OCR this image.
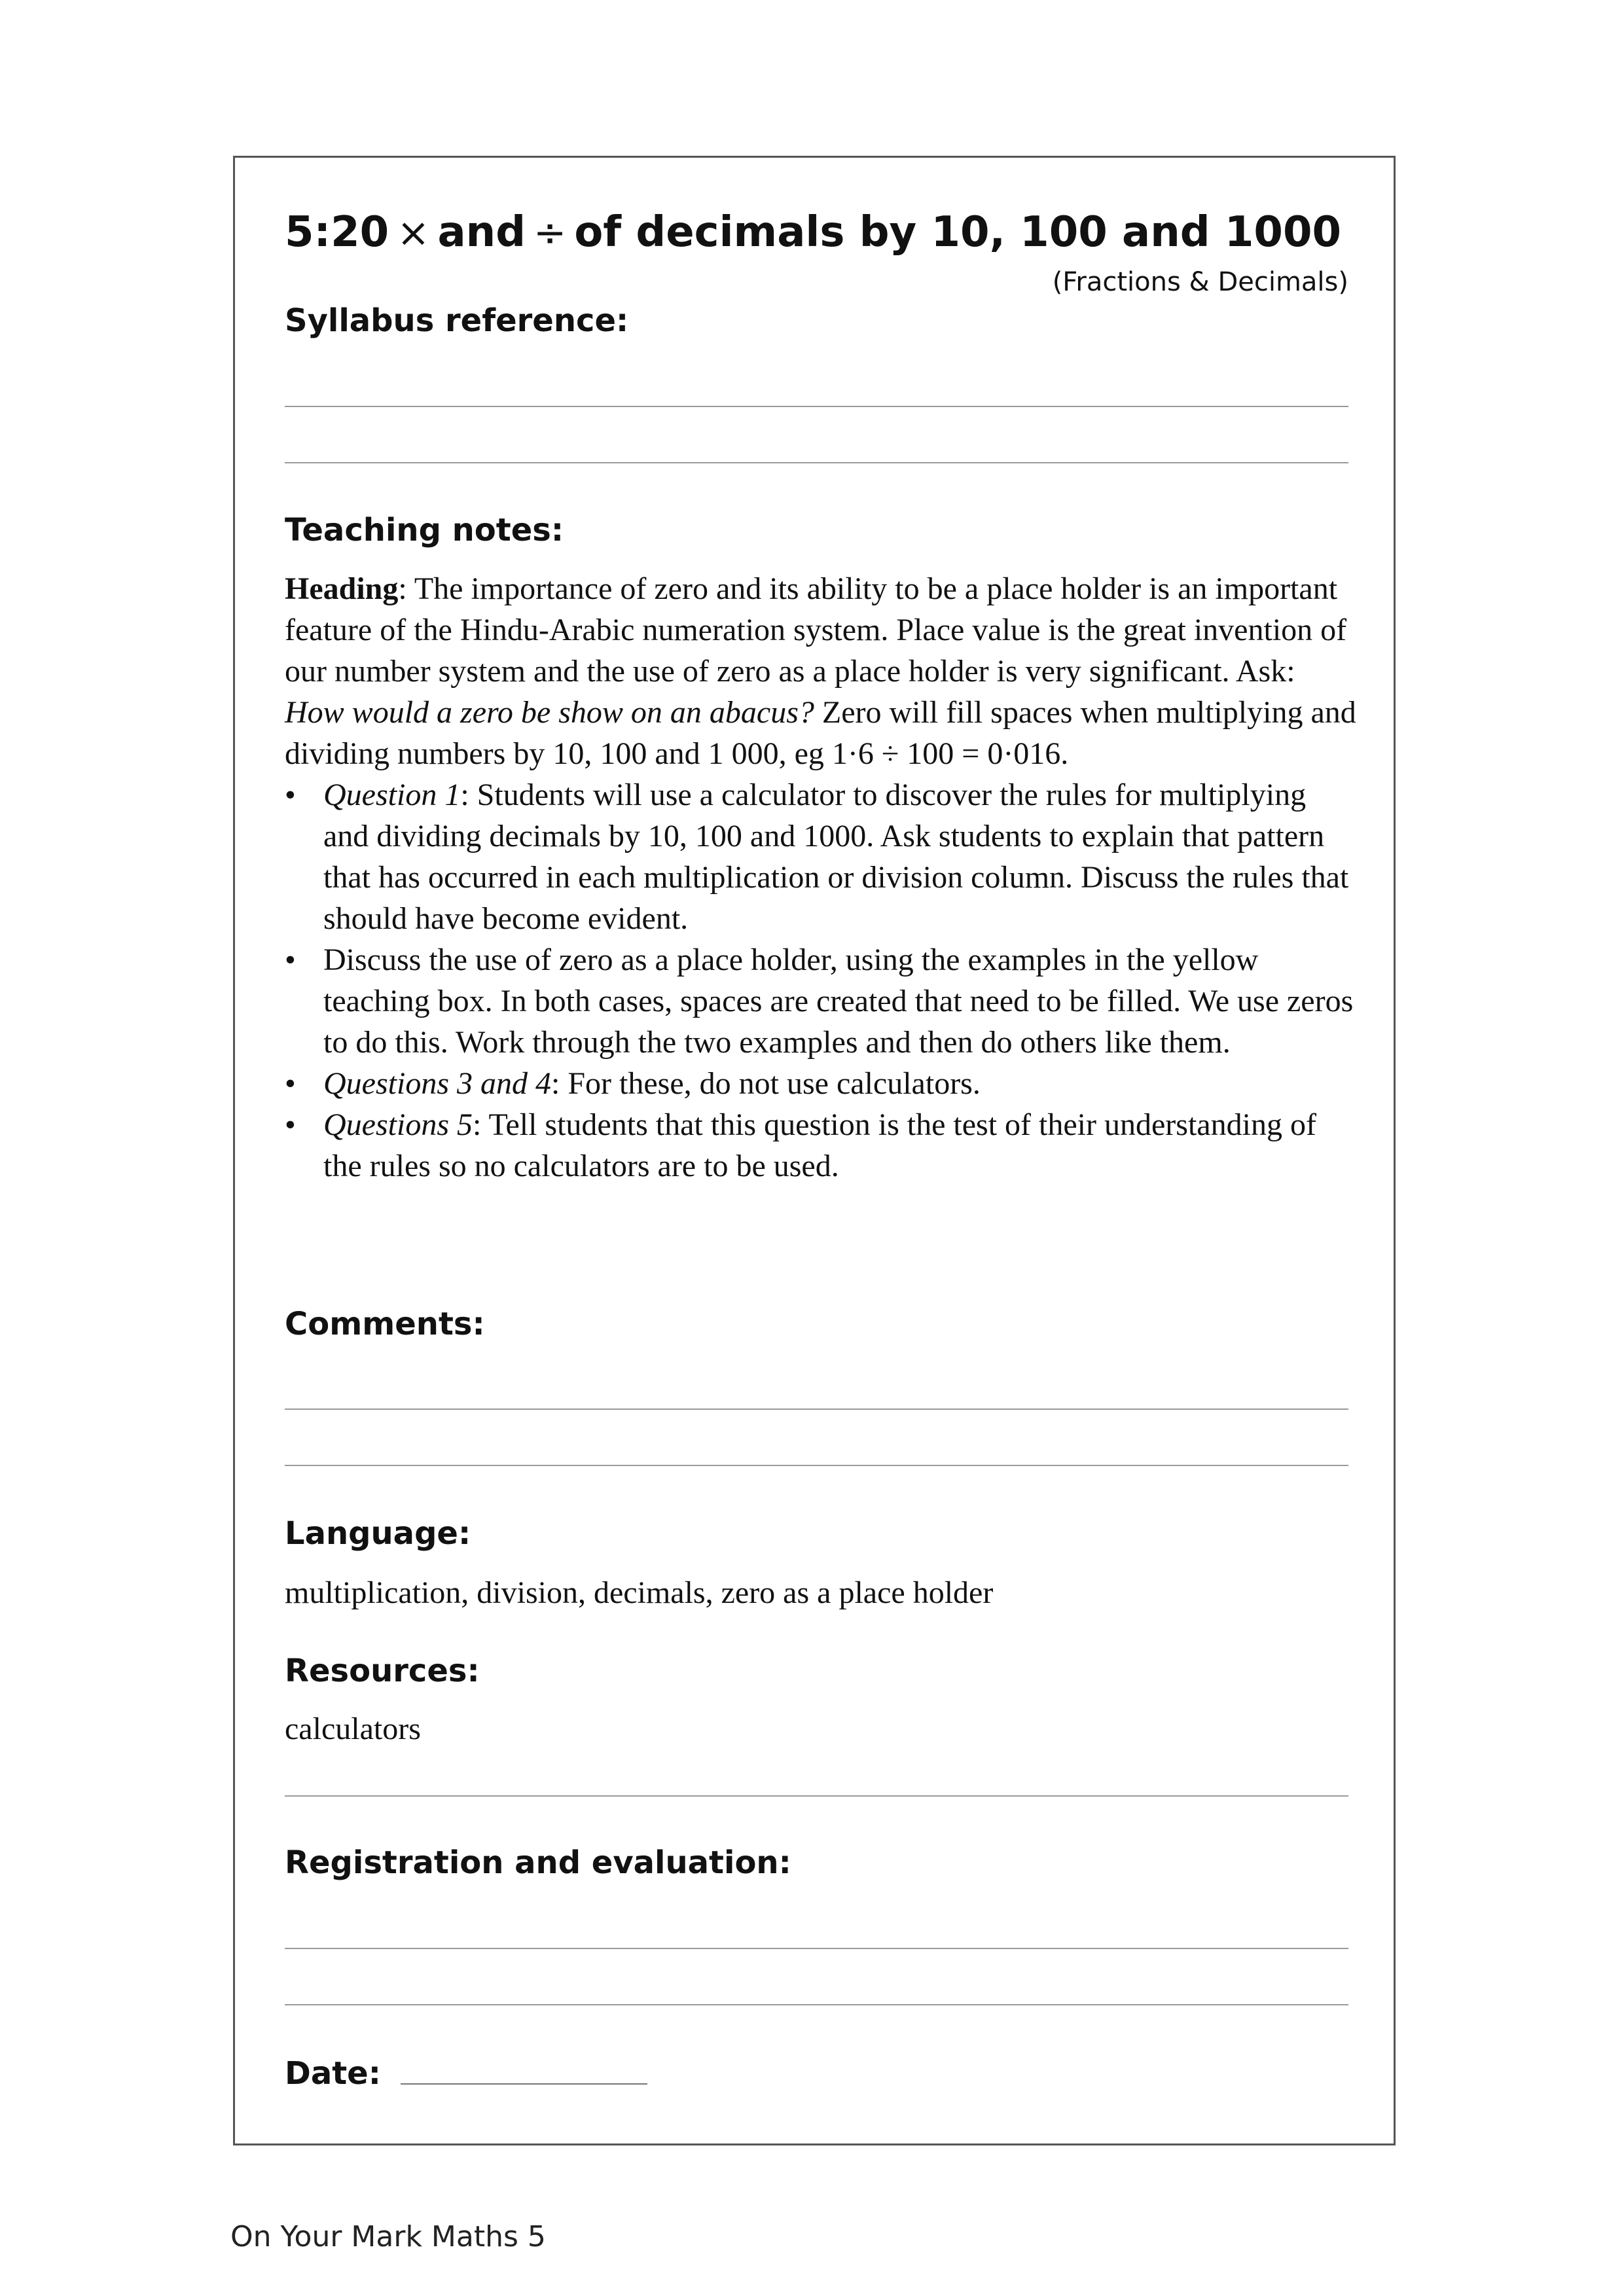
5:20 × and ÷ of decimals by 10, 100 and 1000
(Fractions & Decimals)
Syllabus reference:
Teaching notes:

Heading: The importance of zero and its ability to be a place holder is an important feature of the Hindu-Arabic numeration system. Place value is the great invention of our number system and the use of zero as a place holder is very significant. Ask: How would a zero be show on an abacus? Zero will fill spaces when multiplying and dividing numbers by 10, 100 and 1 000, eg 1·6 ÷ 100 = 0·016.

• Question 1: Students will use a calculator to discover the rules for multiplying and dividing decimals by 10, 100 and 1000. Ask students to explain that pattern that has occurred in each multiplication or division column. Discuss the rules that should have become evident.
• Discuss the use of zero as a place holder, using the examples in the yellow teaching box. In both cases, spaces are created that need to be filled. We use zeros to do this. Work through the two examples and then do others like them.
• Questions 3 and 4: For these, do not use calculators.
• Questions 5: Tell students that this question is the test of their understanding of the rules so no calculators are to be used.
Comments:
Language:
multiplication, division, decimals, zero as a place holder
Resources:
calculators
Registration and evaluation:
Date:
On Your Mark Maths 5
